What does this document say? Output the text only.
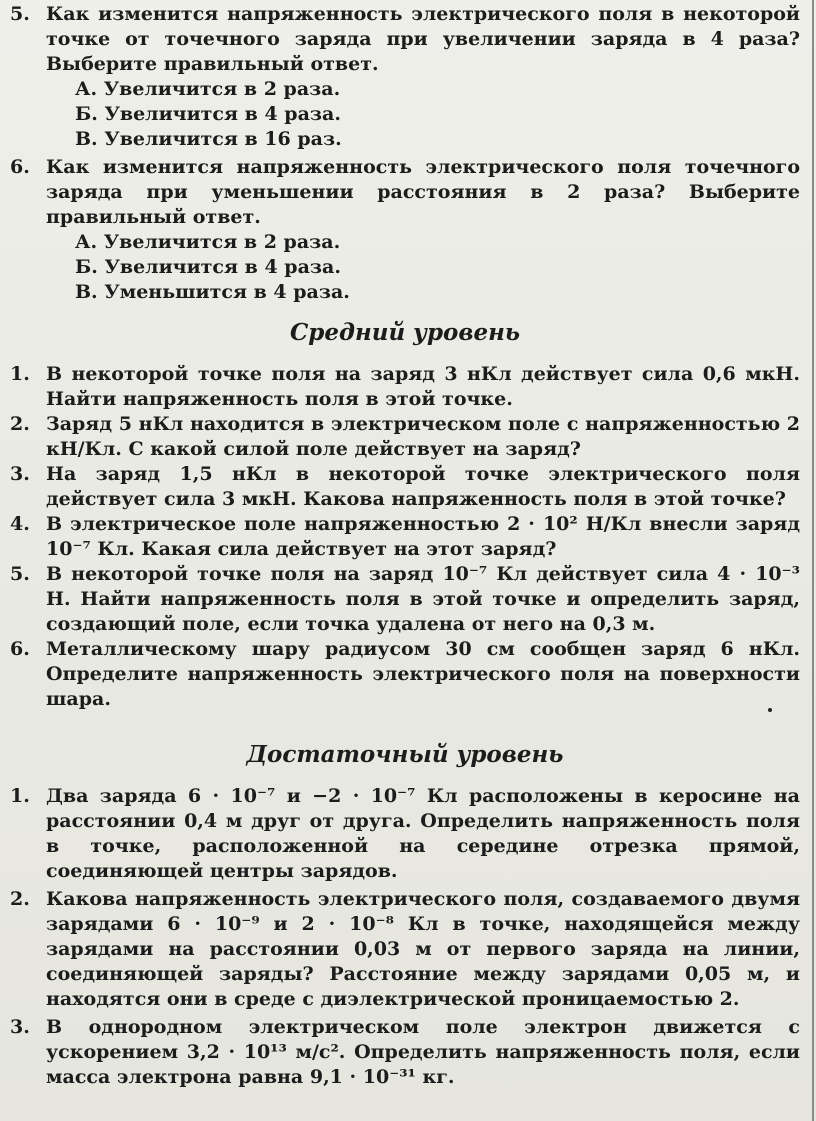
5. Как изменится напряженность электрического поля в некоторой точке от точечного заряда при увеличении заряда в 4 раза? Выберите правильный ответ.
А. Увеличится в 2 раза.
Б. Увеличится в 4 раза.
В. Увеличится в 16 раз.
6. Как изменится напряженность электрического поля точечного заряда при уменьшении расстояния в 2 раза? Выберите правильный ответ.
А. Увеличится в 2 раза.
Б. Увеличится в 4 раза.
В. Уменьшится в 4 раза.
Средний уровень
1. В некоторой точке поля на заряд 3 нКл действует сила 0,6 мкН. Найти напряженность поля в этой точке.
2. Заряд 5 нКл находится в электрическом поле с напряженностью 2 кН/Кл. С какой силой поле действует на заряд?
3. На заряд 1,5 нКл в некоторой точке электрического поля действует сила 3 мкН. Какова напряженность поля в этой точке?
4. В электрическое поле напряженностью 2 · 10² Н/Кл внесли заряд 10⁻⁷ Кл. Какая сила действует на этот заряд?
5. В некоторой точке поля на заряд 10⁻⁷ Кл действует сила 4 · 10⁻³ Н. Найти напряженность поля в этой точке и определить заряд, создающий поле, если точка удалена от него на 0,3 м.
6. Металлическому шару радиусом 30 см сообщен заряд 6 нКл. Определите напряженность электрического поля на поверхности шара.
Достаточный уровень
1. Два заряда 6 · 10⁻⁷ и −2 · 10⁻⁷ Кл расположены в керосине на расстоянии 0,4 м друг от друга. Определить напряженность поля в точке, расположенной на середине отрезка прямой, соединяющей центры зарядов.
2. Какова напряженность электрического поля, создаваемого двумя зарядами 6 · 10⁻⁹ и 2 · 10⁻⁸ Кл в точке, находящейся между зарядами на расстоянии 0,03 м от первого заряда на линии, соединяющей заряды? Расстояние между зарядами 0,05 м, и находятся они в среде с диэлектрической проницаемостью 2.
3. В однородном электрическом поле электрон движется с ускорением 3,2 · 10¹³ м/с². Определить напряженность поля, если масса электрона равна 9,1 · 10⁻³¹ кг.
